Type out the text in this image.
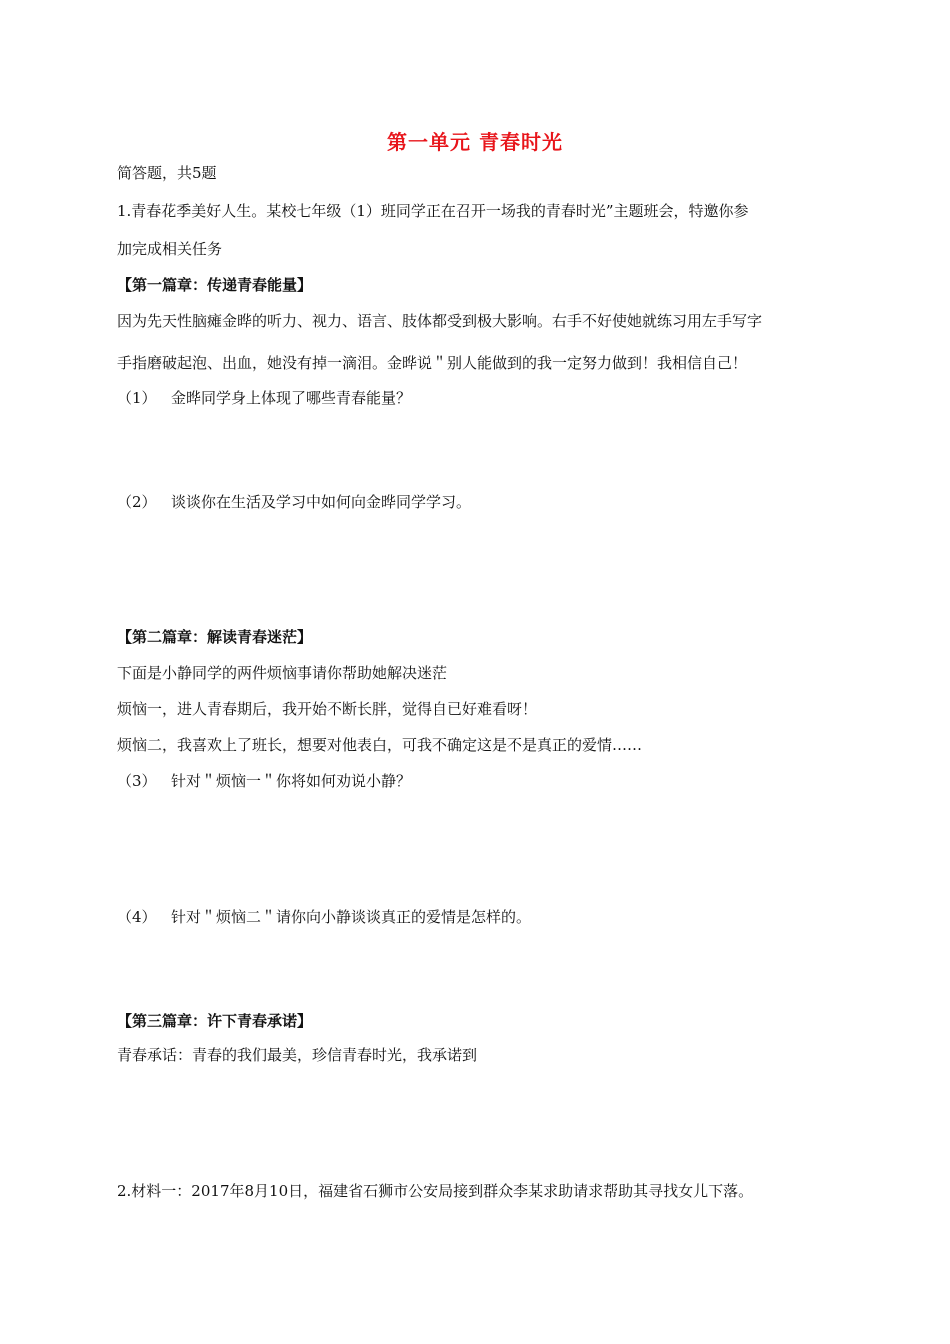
第一单元 青春时光
简答题，共5题
1.青春花季美好人生。某校七年级（1）班同学正在召开一场我的青春时光”主题班会，特邀你参
加完成相关任务
【第一篇章：传递青春能量】
因为先天性脑瘫金晔的听力、视力、语言、肢体都受到极大影响。右手不好使她就练习用左手写字
手指磨破起泡、出血，她没有掉一滴泪。金晔说＂别人能做到的我一定努力做到！我相信自己！
（1） 金晔同学身上体现了哪些青春能量？
（2） 谈谈你在生活及学习中如何向金晔同学学习。
【第二篇章：解读青春迷茫】
下面是小静同学的两件烦恼事请你帮助她解决迷茫
烦恼一，进人青春期后，我开始不断长胖，觉得自已好难看呀！
烦恼二，我喜欢上了班长，想要对他表白，可我不确定这是不是真正的爱情……
（3） 针对＂烦恼一＂你将如何劝说小静？
（4） 针对＂烦恼二＂请你向小静谈谈真正的爱情是怎样的。
【第三篇章：许下青春承诺】
青春承话：青春的我们最美，珍信青春时光，我承诺到
2.材料一：2017年8月10日，福建省石狮市公安局接到群众李某求助请求帮助其寻找女儿下落。
